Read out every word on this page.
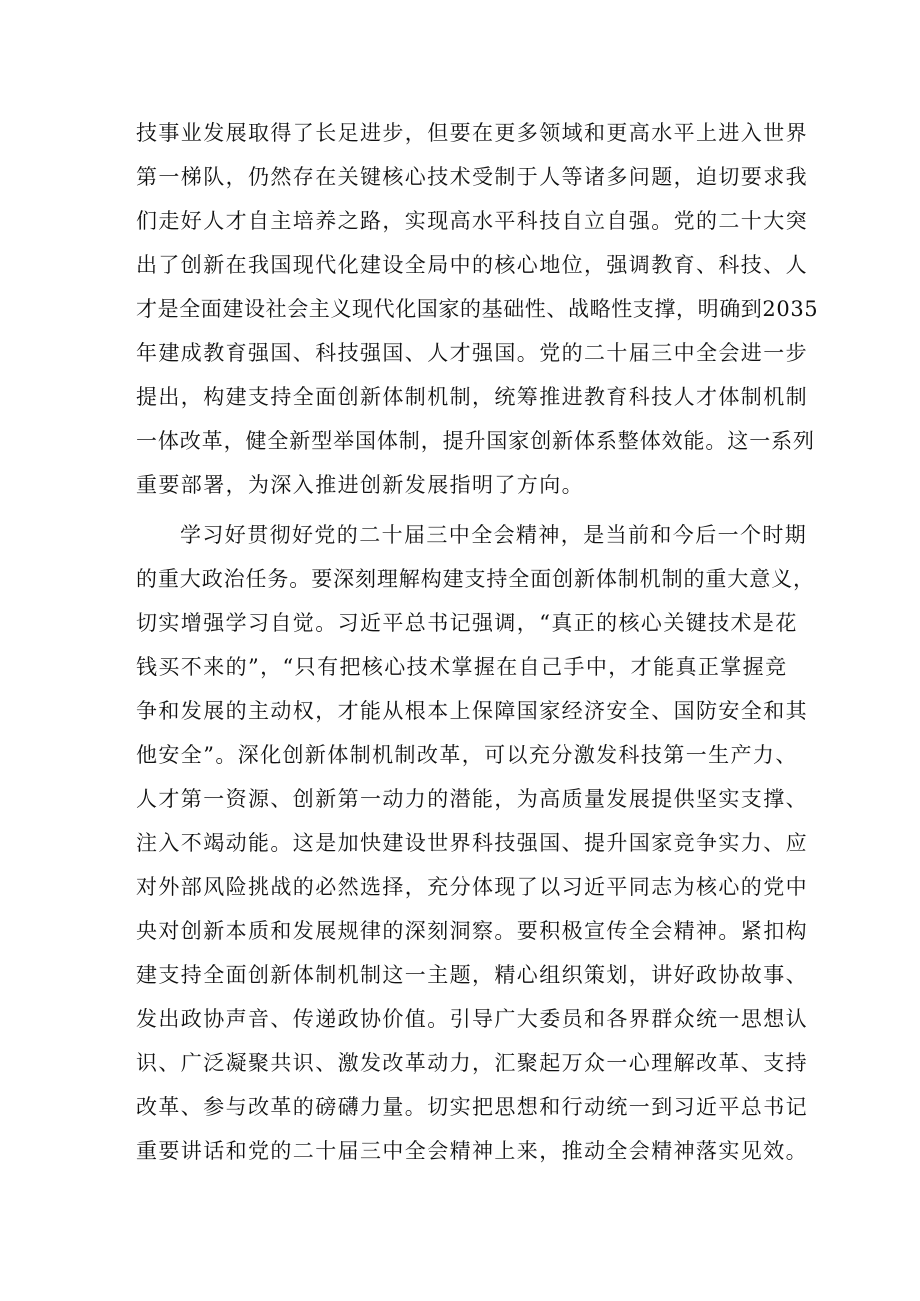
技事业发展取得了长足进步，但要在更多领域和更高水平上进入世界
第一梯队，仍然存在关键核心技术受制于人等诸多问题，迫切要求我
们走好人才自主培养之路，实现高水平科技自立自强。党的二十大突
出了创新在我国现代化建设全局中的核心地位，强调教育、科技、人
才是全面建设社会主义现代化国家的基础性、战略性支撑，明确到2035
年建成教育强国、科技强国、人才强国。党的二十届三中全会进一步
提出，构建支持全面创新体制机制，统筹推进教育科技人才体制机制
一体改革，健全新型举国体制，提升国家创新体系整体效能。这一系列
重要部署，为深入推进创新发展指明了方向。
学习好贯彻好党的二十届三中全会精神，是当前和今后一个时期
的重大政治任务。要深刻理解构建支持全面创新体制机制的重大意义，
切实增强学习自觉。习近平总书记强调，“真正的核心关键技术是花
钱买不来的”，“只有把核心技术掌握在自己手中，才能真正掌握竞
争和发展的主动权，才能从根本上保障国家经济安全、国防安全和其
他安全”。深化创新体制机制改革，可以充分激发科技第一生产力、
人才第一资源、创新第一动力的潜能，为高质量发展提供坚实支撑、
注入不竭动能。这是加快建设世界科技强国、提升国家竞争实力、应
对外部风险挑战的必然选择，充分体现了以习近平同志为核心的党中
央对创新本质和发展规律的深刻洞察。要积极宣传全会精神。紧扣构
建支持全面创新体制机制这一主题，精心组织策划，讲好政协故事、
发出政协声音、传递政协价值。引导广大委员和各界群众统一思想认
识、广泛凝聚共识、激发改革动力，汇聚起万众一心理解改革、支持
改革、参与改革的磅礴力量。切实把思想和行动统一到习近平总书记
重要讲话和党的二十届三中全会精神上来，推动全会精神落实见效。
